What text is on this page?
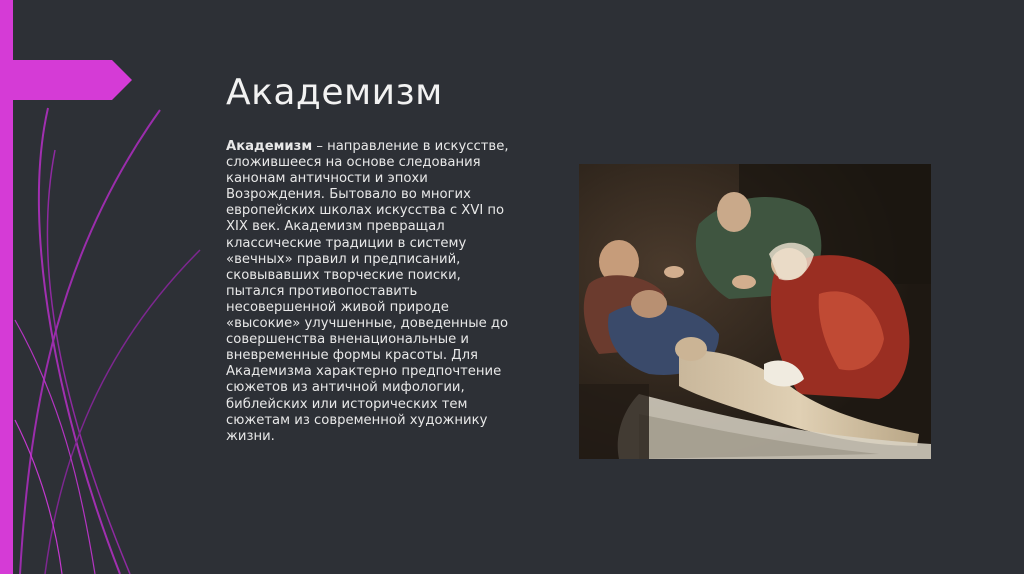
Академизм

Академизм – направление в искусстве, сложившееся на основе следования канонам античности и эпохи Возрождения. Бытовало во многих европейских школах искусства с XVI по XIX век. Академизм превращал классические традиции в систему «вечных» правил и предписаний, сковывавших творческие поиски, пытался противопоставить несовершенной живой природе «высокие» улучшенные, доведенные до совершенства вненациональные и вневременные формы красоты. Для Академизма характерно предпочтение сюжетов из античной мифологии, библейских или исторических тем сюжетам из современной художнику жизни.
